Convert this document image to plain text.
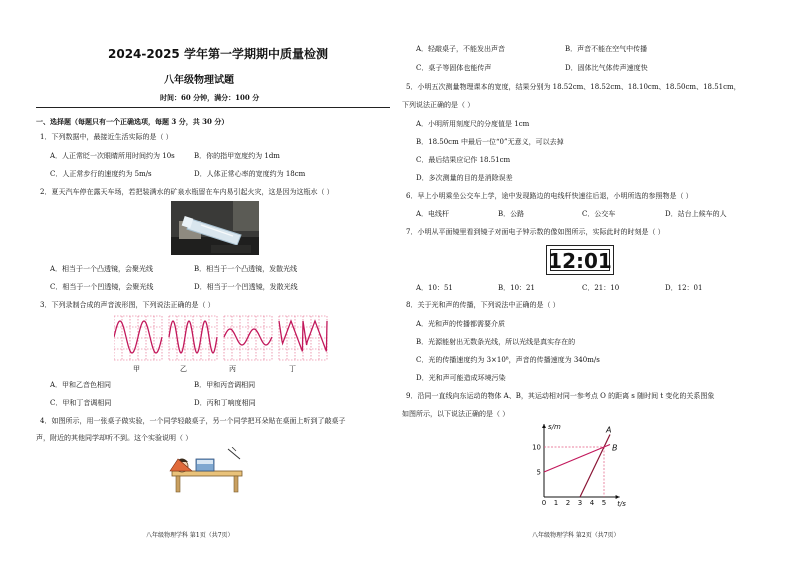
2024-2025 学年第一学期期中质量检测
八年级物理试题
时间：60 分钟，满分：100 分
一、选择题（每题只有一个正确选项，每题 3 分，共 30 分）
1．下列数据中，最接近生活实际的是（ ）
A．人正常眨一次眼睛所用时间约为 10s	B．你的指甲宽度约为 1dm
C．人正常步行的速度约为 5m/s	D．人体正常心率的宽度约为 18cm
2．夏天汽车停在露天车场，若把装满水的矿泉水瓶留在车内易引起火灾，这是因为这瓶水（ ）
A．相当于一个凸透镜，会聚光线	B．相当于一个凸透镜，发散光线
C．相当于一个凹透镜，会聚光线	D．相当于一个凹透镜，发散光线
3．下列录制合成的声音波形图，下列说法正确的是（ ）
甲	乙	丙	丁
A．甲和乙音色相同	B．甲和丙音调相同
C．甲和丁音调相同	D．丙和丁响度相同
4．如图所示，用一张桌子做实验，一个同学轻敲桌子，另一个同学把耳朵贴在桌面上听到了敲桌子
声，附近的其他同学却听不到。这个实验说明（ ）
八年级物理学科 第1页（共7页）
A．轻敲桌子，不能发出声音	B．声音不能在空气中传播
C．桌子等固体也能传声	D．固体比气体传声速度快
5．小明五次测量物理课本的宽度，结果分别为 18.52cm、18.52cm、18.10cm、18.50cm、18.51cm，
下列说法正确的是（ ）
A．小明所用刻度尺的分度值是 1cm
B．18.50cm 中最后一位“0”无意义，可以去掉
C．最后结果应记作 18.51cm
D．多次测量的目的是消除误差
6．早上小明乘坐公交车上学，途中发现路边的电线杆快速往后退，小明所选的参照物是（ ）
A．电线杆	B．公路	C．公交车	D．站台上候车的人
7．小明从平面镜里看到镜子对面电子钟示数的像如图所示，实际此时的时刻是（ ）
12:01
A．10：51	B．10：21	C．21：10	D．12：01
8．关于光和声的传播，下列说法中正确的是（ ）
A．光和声的传播都需要介质
B．光源能射出无数条光线，所以光线是真实存在的
C．光的传播速度约为 3×10⁸，声音的传播速度为 340m/s
D．光和声可能造成环境污染
9．沿同一直线向东运动的物体 A、B，其运动相对同一参考点 O 的距离 s 随时间 t 变化的关系图象
如图所示，以下说法正确的是（ ）
A
B
0 1 2 3 4 5
5
10
s/m
t/s
八年级物理学科 第2页（共7页）
